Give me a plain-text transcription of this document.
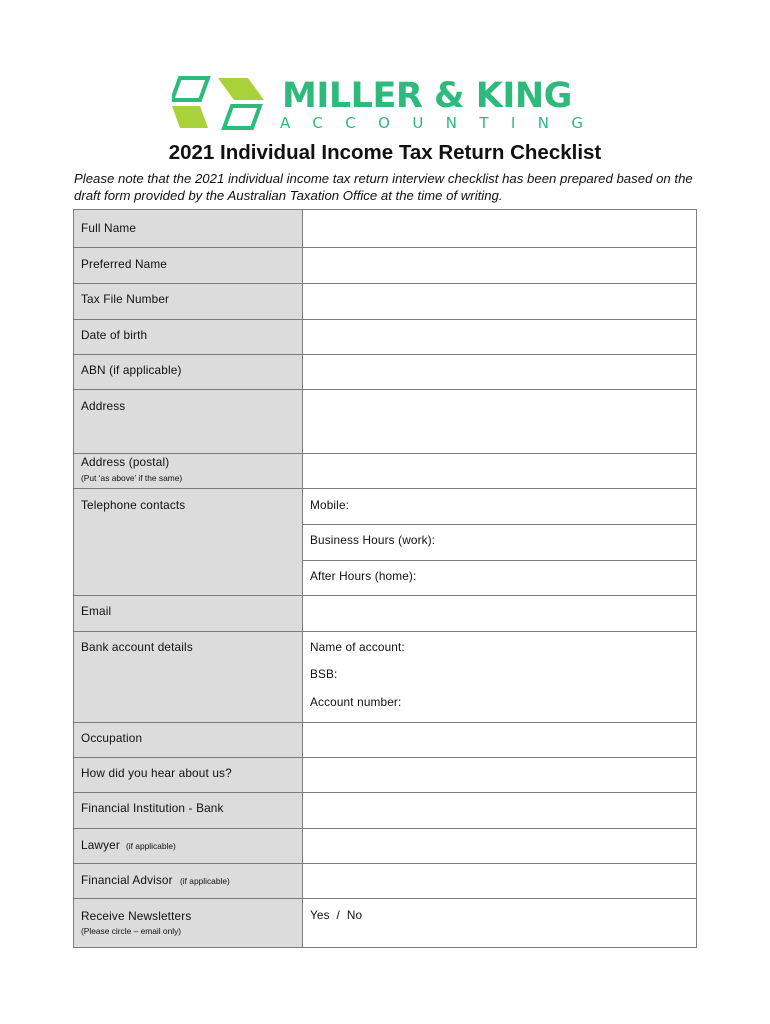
MILLER & KING
ACCOUNTING
2021 Individual Income Tax Return Checklist

Please note that the 2021 individual income tax return interview checklist has been prepared based on the draft form provided by the Australian Taxation Office at the time of writing.

Full Name
Preferred Name
Tax File Number
Date of birth
ABN (if applicable)
Address
Address (postal)
(Put ‘as above’ if the same)
Telephone contacts
Email
Bank account details
Occupation
How did you hear about us?
Financial Institution - Bank
Lawyer (if applicable)
Financial Advisor (if applicable)
Receive Newsletters
(Please circle – email only)
Mobile:
Business Hours (work):
After Hours (home):
Name of account:
BSB:
Account number:
Yes  /  No
